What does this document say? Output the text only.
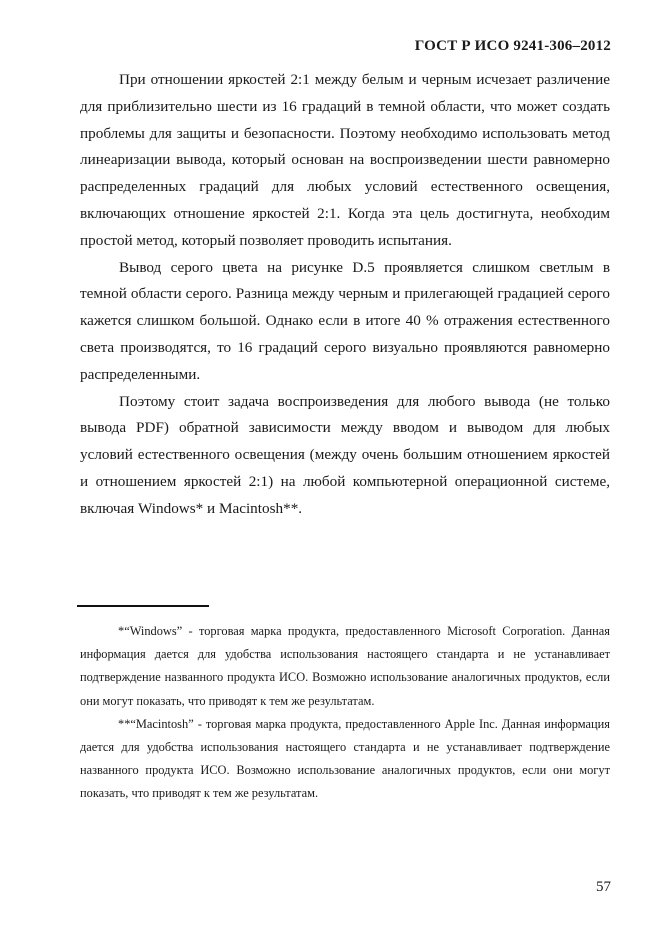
ГОСТ Р ИСО 9241-306–2012

При отношении яркостей 2:1 между белым и черным исчезает различение для приблизительно шести из 16 градаций в темной области, что может создать проблемы для защиты и безопасности. Поэтому необходимо использовать метод линеаризации вывода, который основан на воспроизведении шести равномерно распределенных градаций для любых условий естественного освещения, включающих отношение яркостей 2:1. Когда эта цель достигнута, необходим простой метод, который позволяет проводить испытания.

Вывод серого цвета на рисунке D.5 проявляется слишком светлым в темной области серого. Разница между черным и прилегающей градацией серого кажется слишком большой. Однако если в итоге 40 % отражения естественного света производятся, то 16 градаций серого визуально проявляются равномерно распределенными.

Поэтому стоит задача воспроизведения для любого вывода (не только вывода PDF) обратной зависимости между вводом и выводом для любых условий естественного освещения (между очень большим отношением яркостей и отношением яркостей 2:1) на любой компьютерной операционной системе, включая Windows* и Macintosh**.

*“Windows” - торговая марка продукта, предоставленного Microsoft Corporation. Данная информация дается для удобства использования настоящего стандарта и не устанавливает подтверждение названного продукта ИСО. Возможно использование аналогичных продуктов, если они могут показать, что приводят к тем же результатам.

**“Macintosh” - торговая марка продукта, предоставленного Apple Inc. Данная информация дается для удобства использования настоящего стандарта и не устанавливает подтверждение названного продукта ИСО. Возможно использование аналогичных продуктов, если они могут показать, что приводят к тем же результатам.

57
